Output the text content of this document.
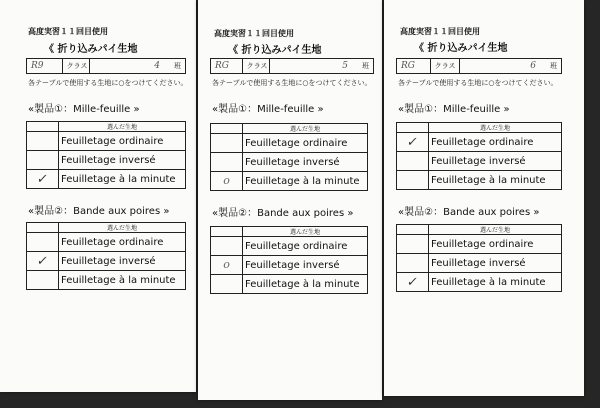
高度実習１１回目使用
《 折り込みパイ生地
R9	クラス	4 班
各テーブルで使用する生地に○をつけてください。
«製品①：Mille-feuille »
	選んだ生地
	Feuilletage ordinaire
	Feuilletage inversé
✓	Feuilletage à la minute
«製品②：Bande aux poires »
	選んだ生地
	Feuilletage ordinaire
✓	Feuilletage inversé
	Feuilletage à la minute
高度実習１１回目使用
《 折り込みパイ生地
RG	クラス	5 班
各テーブルで使用する生地に○をつけてください。
«製品①：Mille-feuille »
	選んだ生地
	Feuilletage ordinaire
	Feuilletage inversé
o	Feuilletage à la minute
«製品②：Bande aux poires »
	選んだ生地
	Feuilletage ordinaire
o	Feuilletage inversé
	Feuilletage à la minute
高度実習１１回目使用
《 折り込みパイ生地
RG	クラス	6 班
各テーブルで使用する生地に○をつけてください。
«製品①：Mille-feuille »
	選んだ生地
✓	Feuilletage ordinaire
	Feuilletage inversé
	Feuilletage à la minute
«製品②：Bande aux poires »
	選んだ生地
	Feuilletage ordinaire
	Feuilletage inversé
✓	Feuilletage à la minute
